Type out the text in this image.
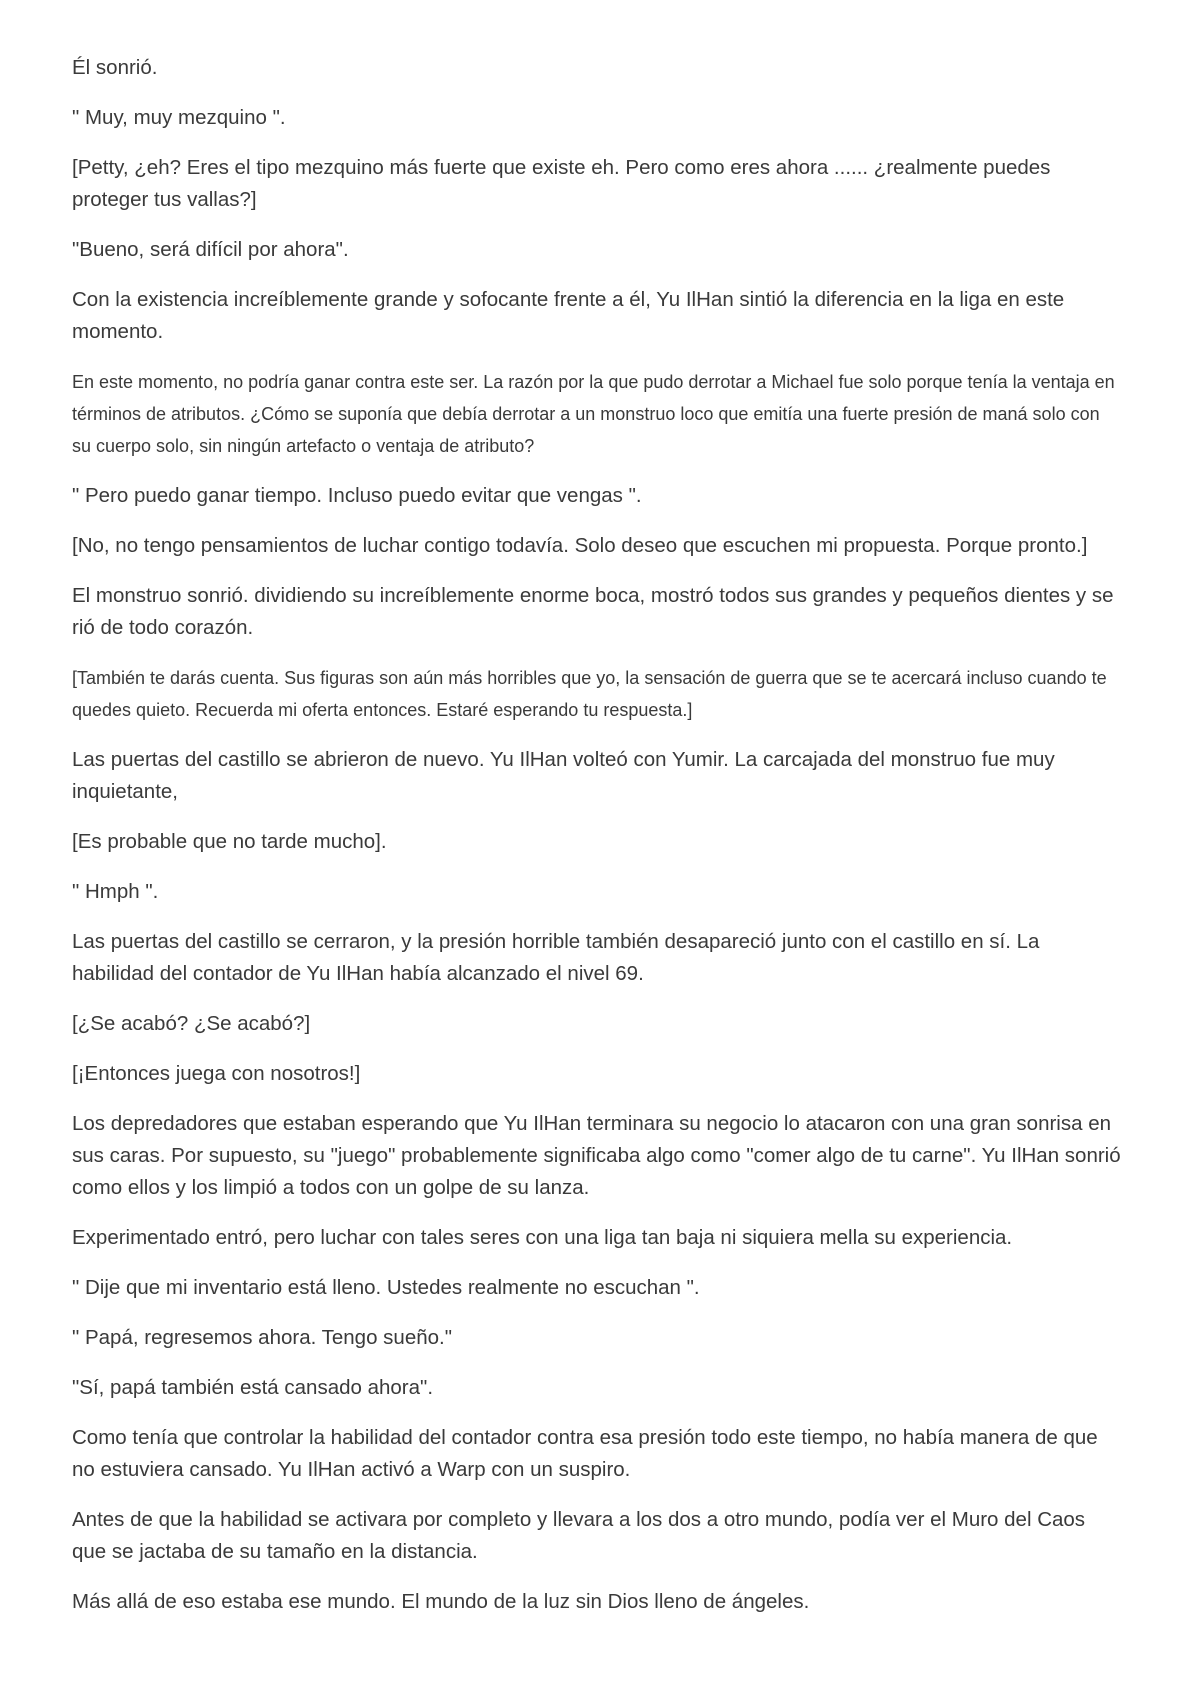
Él sonrió.

" Muy, muy mezquino ".

[Petty, ¿eh? Eres el tipo mezquino más fuerte que existe eh. Pero como eres ahora ...... ¿realmente puedes proteger tus vallas?]

"Bueno, será difícil por ahora".

Con la existencia increíblemente grande y sofocante frente a él, Yu IlHan sintió la diferencia en la liga en este momento.

En este momento, no podría ganar contra este ser. La razón por la que pudo derrotar a Michael fue solo porque tenía la ventaja en términos de atributos. ¿Cómo se suponía que debía derrotar a un monstruo loco que emitía una fuerte presión de maná solo con su cuerpo solo, sin ningún artefacto o ventaja de atributo?

" Pero puedo ganar tiempo. Incluso puedo evitar que vengas ".

[No, no tengo pensamientos de luchar contigo todavía. Solo deseo que escuchen mi propuesta. Porque pronto.]

El monstruo sonrió. dividiendo su increíblemente enorme boca, mostró todos sus grandes y pequeños dientes y se rió de todo corazón.

[También te darás cuenta. Sus figuras son aún más horribles que yo, la sensación de guerra que se te acercará incluso cuando te quedes quieto. Recuerda mi oferta entonces. Estaré esperando tu respuesta.]

Las puertas del castillo se abrieron de nuevo. Yu IlHan volteó con Yumir. La carcajada del monstruo fue muy inquietante,

[Es probable que no tarde mucho].

" Hmph ".

Las puertas del castillo se cerraron, y la presión horrible también desapareció junto con el castillo en sí. La habilidad del contador de Yu IlHan había alcanzado el nivel 69.

[¿Se acabó? ¿Se acabó?]

[¡Entonces juega con nosotros!]

Los depredadores que estaban esperando que Yu IlHan terminara su negocio lo atacaron con una gran sonrisa en sus caras. Por supuesto, su "juego" probablemente significaba algo como "comer algo de tu carne". Yu IlHan sonrió como ellos y los limpió a todos con un golpe de su lanza.

Experimentado entró, pero luchar con tales seres con una liga tan baja ni siquiera mella su experiencia.

" Dije que mi inventario está lleno. Ustedes realmente no escuchan ".

" Papá, regresemos ahora. Tengo sueño."

"Sí, papá también está cansado ahora".

Como tenía que controlar la habilidad del contador contra esa presión todo este tiempo, no había manera de que no estuviera cansado. Yu IlHan activó a Warp con un suspiro.

Antes de que la habilidad se activara por completo y llevara a los dos a otro mundo, podía ver el Muro del Caos que se jactaba de su tamaño en la distancia.

Más allá de eso estaba ese mundo. El mundo de la luz sin Dios lleno de ángeles.
